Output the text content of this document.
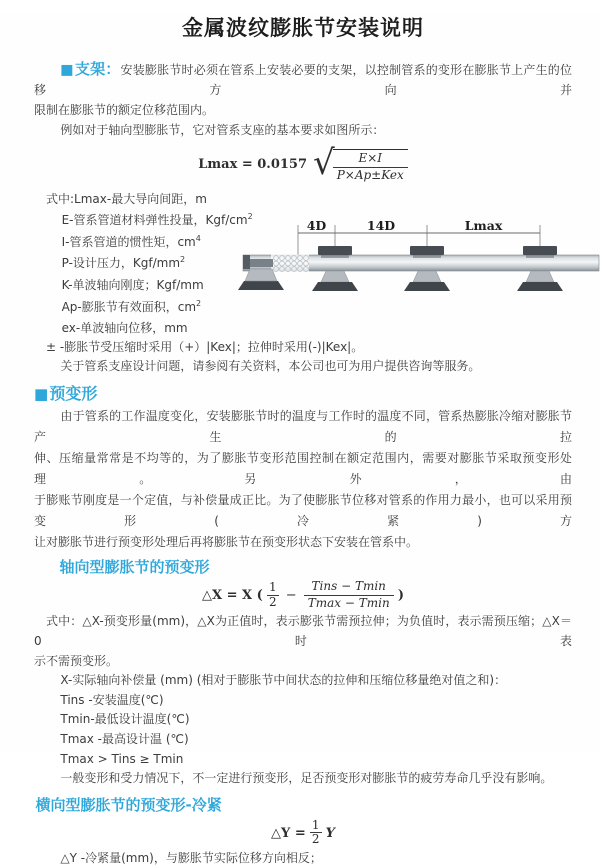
金属波纹膨胀节安装说明
■支架：安装膨胀节时必须在管系上安装必要的支架，以控制管系的变形在膨胀节上产生的位移方向并
限制在膨胀节的额定位移范围内。
例如对于轴向型膨胀节，它对管系支座的基本要求如图所示：
Lmax = 0.0157 √
$\frac{E\times I}{\text{P×Ap±Kex}}$
式中:Lmax-最大导向间距，m
E-管系管道材料弹性投量，Kgf/$cm^2$
I-管系管道的惯性矩，$cm^4$
P-设计压力，Kgf/$mm^2$
K-单波轴向刚度；Kgf/mm
Ap-膨胀节有效面积，$cm^2$
ex-单波轴向位移，mm
4D	14D	Lmax
± -膨胀节受压缩时采用（+）|Kex|；拉伸时采用(-)|Kex|。
关于管系支座设计问题，请参阅有关资料，本公司也可为用户提供咨询等服务。
■预变形
由于管系的工作温度变化，安装膨胀节时的温度与工作时的温度不同，管系热膨胀冷缩对膨胀节产生的拉
伸、压缩量常常是不均等的，为了膨胀节变形范围控制在额定范围内，需要对膨胀节采取预变形处理。另外，由
于膨账节刚度是一个定值，与补偿量成正比。为了使膨胀节位移对管系的作用力最小，也可以采用预变形(冷紧)方
让对膨胀节进行预变形处理后再将膨胀节在预变形状态下安装在管系中。
轴向型膨胀节的预变形
△X = X ( $\frac{1}{2} - \frac{\text{Tins − Tmin}}{Tmax - Tmin}$ )
式中：△X-预变形量(mm)，△X为正值时，表示膨张节需预拉伸；为负值时，表示需预压缩；△X＝0时表
示不需预变形。
X-实际轴向补偿量 (mm) (相对于膨胀节中间状态的拉伸和压缩位移量绝对值之和)：
Tins -安装温度(℃)
Tmin-最低设计温度(℃)
Tmax -最高设计温 (℃)
Tmax > Tins ≥ Tmin
一般变形和受力情况下，不一定进行预变形，足否预变形对膨胀节的疲劳寿命几乎没有影响。
横向型膨胀节的预变形-冷紧
△Y = $\frac{1}{2}$ Y
△Y -冷紧量(mm)，与膨胀节实际位移方向相反；
